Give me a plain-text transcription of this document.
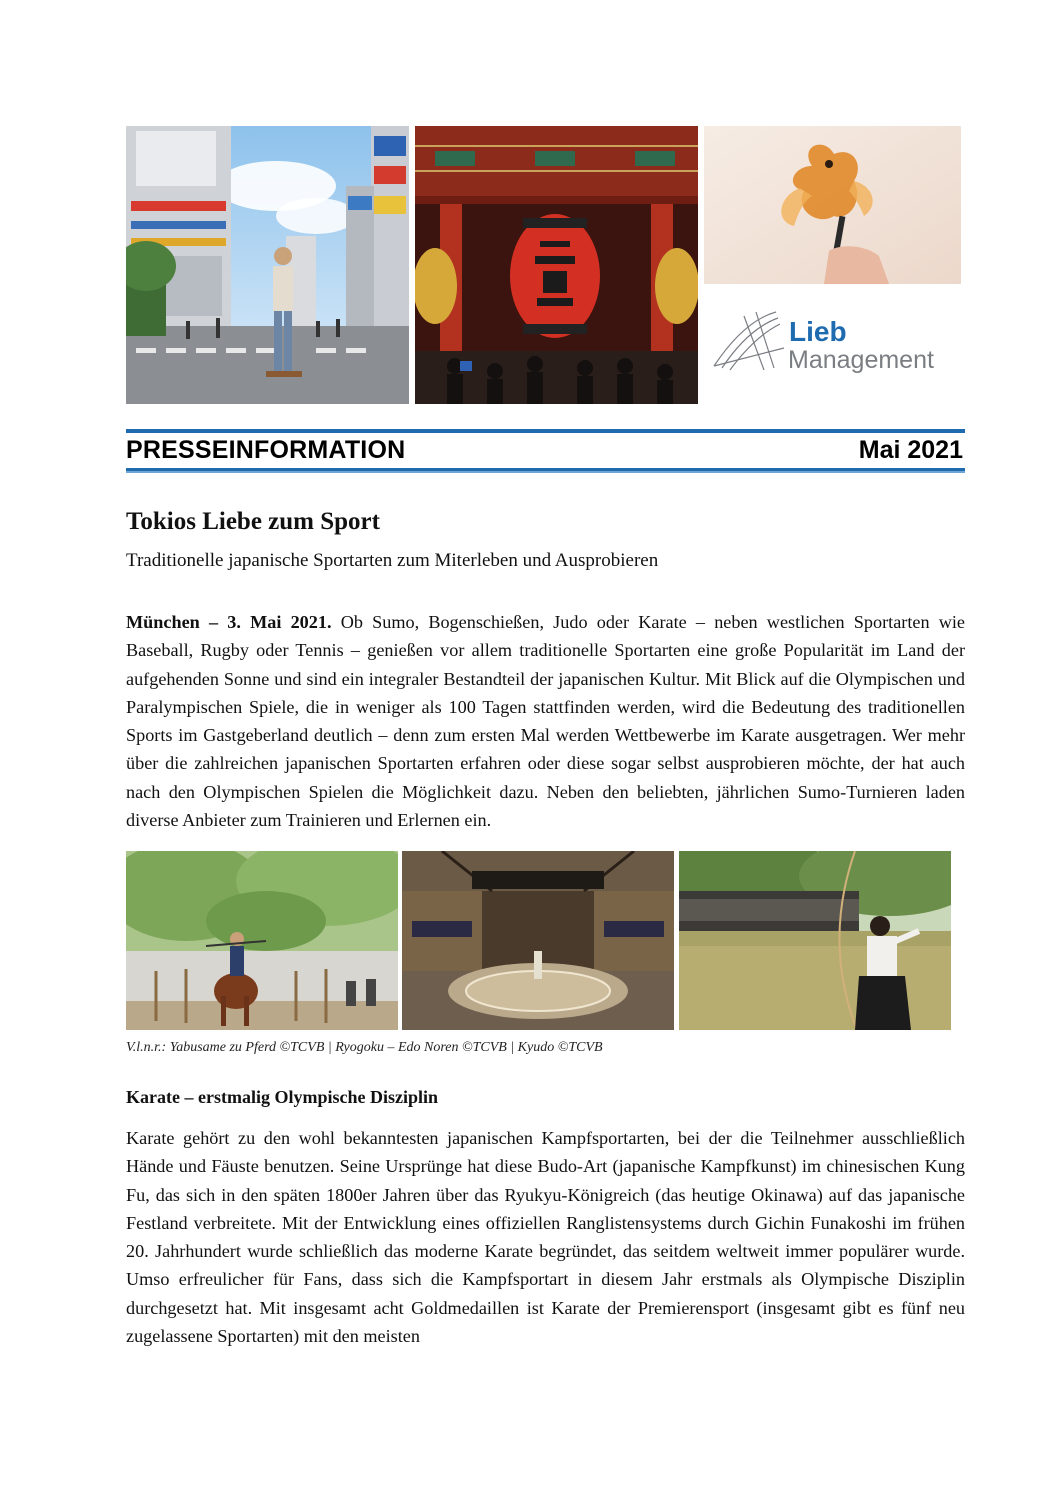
Lieb
Management
PRESSEINFORMATION	Mai 2021
Tokios Liebe zum Sport

Traditionelle japanische Sportarten zum Miterleben und Ausprobieren

München – 3. Mai 2021. Ob Sumo, Bogenschießen, Judo oder Karate – neben westlichen Sportarten wie Baseball, Rugby oder Tennis – genießen vor allem traditionelle Sportarten eine große Popularität im Land der aufgehenden Sonne und sind ein integraler Bestandteil der japanischen Kultur. Mit Blick auf die Olympischen und Paralympischen Spiele, die in weniger als 100 Tagen stattfinden werden, wird die Bedeutung des traditionellen Sports im Gastgeberland deutlich – denn zum ersten Mal werden Wettbewerbe im Karate ausgetragen. Wer mehr über die zahlreichen japanischen Sportarten erfahren oder diese sogar selbst ausprobieren möchte, der hat auch nach den Olympischen Spielen die Möglichkeit dazu. Neben den beliebten, jährlichen Sumo-Turnieren laden diverse Anbieter zum Trainieren und Erlernen ein.

V.l.n.r.: Yabusame zu Pferd ©TCVB | Ryogoku – Edo Noren ©TCVB | Kyudo ©TCVB
Karate – erstmalig Olympische Disziplin

Karate gehört zu den wohl bekanntesten japanischen Kampfsportarten, bei der die Teilnehmer ausschließlich Hände und Fäuste benutzen. Seine Ursprünge hat diese Budo-Art (japanische Kampfkunst) im chinesischen Kung Fu, das sich in den späten 1800er Jahren über das Ryukyu-Königreich (das heutige Okinawa) auf das japanische Festland verbreitete. Mit der Entwicklung eines offiziellen Ranglistensystems durch Gichin Funakoshi im frühen 20. Jahrhundert wurde schließlich das moderne Karate begründet, das seitdem weltweit immer populärer wurde. Umso erfreulicher für Fans, dass sich die Kampfsportart in diesem Jahr erstmals als Olympische Disziplin durchgesetzt hat. Mit insgesamt acht Goldmedaillen ist Karate der Premierensport (insgesamt gibt es fünf neu zugelassene Sportarten) mit den meisten
